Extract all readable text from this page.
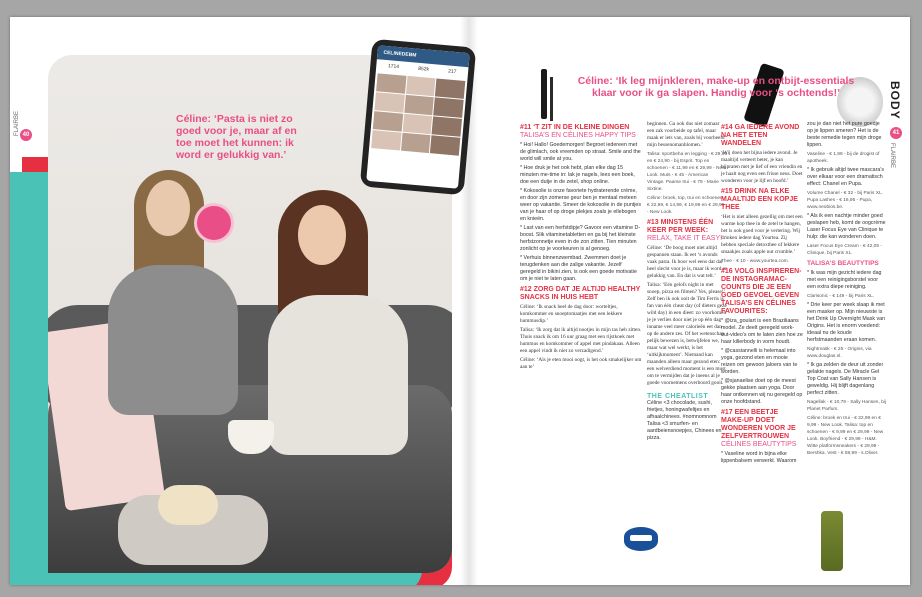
Céline: ‘Pasta is niet zo goed voor je, maar af en toe moet het kunnen: ik word er gelukkig van.’
CELINEDEBM
1714	852k	217
40
FLAIRBE
BODY
41
FLAIRBE
Céline: ‘Ik leg mijnkleren, make-up en ontbijt-essentials klaar voor ik ga slapen. Handig voor ‘s ochtends!’
#11 ‘T ZIT IN DE KLEINE DINGEN
TALISA’S EN CÉLINES HAPPY TIPS

* Hoi! Hallo! Goedemorgen! Begroet iedereen met de glimlach, ook vreemden op straat. Smile and the world will smile at you.

* Hoe druk je het ook hebt, plan elke dag 15 minuten me-time in: lak je nagels, lees een boek, doe een dutje in de zetel, shop online.

* Kokosolie is onze favoriete hydraterende crème, en door zijn zomerse geur ben je mentaal meteen weer op vakantie. Smeer de kokosolie in de puntjes van je haar of op droge plekjes zoals je ellebogen en knieën.

* Last van een herfstdipje? Gavoor een vitamine D-boost. Slik vitaminetabletten en ga bij het kleinste herfstzonnetje even in de zon zitten. Tien minuten zonlicht op je voorkeuren is al genoeg.

* Verhuis binnenzwembad. Zwemmen doet je terugdenken aan die zalige vakantie. Jezelf geregeld in bikini zien, is ook een goede motivatie om je niet te laten gaan.

#12 ZORG DAT JE ALTIJD HEALTHY SNACKS IN HUIS HEBT

Céline: ‘Ik snack heel de dag door: worteltjes, komkommer en snoeptomaatjes met een lekkere hummusdip.’

Talisa: ‘Ik zorg dat ik altijd nootjes in mijn tas heb zitten. Thuis snack ik om 16 uur graag met een rijstkoek met hummus en komkommer of appel met pindakaas. Alleen een appel vindt ik niet zo verzadigend.’

Céline: ‘Als je eten mooi oogt, is het ook smakelijker om aan te’

beginnen. Ga ook dus niet zomaar een zak voorbeide op tafel, maar maak er iets van, zoals bij voorbeeld mijn bessenomanblomen.’

Talisa: sportbeha en legging - € 29,99 en € 24,90 - bij Esprit. Top en schoenen - € 11,99 en € 29,99 - New Look. Muts - € 45 - American Vintage. Paarse trui - € 79 - Marie Sixtine.

Céline: broek, top, trui en schoenen - € 22,99, € 14,99, € 19,99 en € 29,99 - New Look.

#13 MINSTENS ÉÉN KEER PER WEEK: RELAX, TAKE IT EASY!

Céline: ‘De boog moet niet altijd gespannen staan. Ik eet ‘s avonds vaak pasta. Ik hoor wel eens dat dat heel slecht voor je is, maar ik word er gelukkig van. En dat is wat telt.’

Talisa: ‘Eén gelofs night in met snoep, pizza en filmen? Yes, please!’ Zelf ben ik ook ooit de Tim Ferris is fan van één cheat day (of dieters geze wild day) in een dieet: zo voorkomen je je verlies door niet je op één dag inname veel meer calorieën eet dan op de andere zes. Of het wetenschap pelijk bewezen is, betwijfelen we, maar wat wel werkt, is het ‘uitkijkmoment’. Niemand kan maanden alleen maar gezond eten: een welverdiend moment is een must om te vermijden dat je ineens al je goede voornemens overboord gooit.

THE CHEATLIST

Céline <3 chocolade, sushi, frietjes, honingwafeltjes en afhaalchinees. #nomnomnom Talisa <3 smurfen- en aardbeiensnoepjes, Chinees en pizza.

#14 GA IEDERE AVOND NA HET ETEN WANDELEN

‘Wij doen het bijna iedere avond. Je maaltijd verteert beter, je kan bijpraten met je lief of een vriendin en je haalt nog even een frisse neus. Doet wonderen voor je lijf en hoofd.’

#15 DRINK NA ELKE MAALTIJD EEN KOPJE THEE

‘Het is niet alleen gezellig om met een warme kop thee in de zetel te hangen, het is ook goed voor je vertering. Wij drinken iedere dag Yourtea. Zij hebben speciale detoxthee of lekkere smaakjes zoals apple nut crumble.’

Thee - € 10 - www.yourtea.com.

#16 VOLG INSPIREREN-DE INSTAGRAMAC-COUNTS DIE JE EEN GOED GEVOEL GEVEN
TALISA’S EN CÉLINES FAVOURITES:

* @iza_goulart is een Braziliaans model. Ze deelt geregeld work-out-video’s om te laten zien hoe ze haar killerbody in vorm houdt.

* @cassiannelli is helemaal into yoga, gezond eten en mooie reizen om gewoon jaloers van te worden.

* @sjanaelise doet op de meest gekke plaatsen aan yoga. Door haar ontkennen wij nu geregeld op onze hoofdstand.

#17 EEN BEETJE MAKE-UP DOET WONDEREN VOOR JE ZELFVERTROUWEN
CÉLINES BEAUTYTIPS

* Vaseline word in bijna elke lippenbalsem verwerkt. Waarom

zou je dan niet het pure goedje op je lippen smeren? Het is de beste remedie tegen mijn droge lippen.

Vaseline - € 1,98 - bij de drogist of apotheek.

* Ik gebruik altijd twee mascara’s over elkaar voor een dramatisch effect: Chanel en Pupa.

Volume Chanel - € 32 - bij Paris XL. Pupa Lashes - € 16,95 - Pupa, www.neobios.be.

* Als ik een nachtje minder goed geslapen heb, komt de oogcrème Laser Focus Eye van Clinique te hulp: die kan wonderen doen.

Laser Focus Eye Cream - € 42,05 - Clinique, bij Paris XL.

TALISA’S BEAUTYTIPS

* Ik was mijn gezicht iedere dag met een reinigingsborstel voor een extra diepe reiniging.

Clarisonic - € 149 - bij Paris XL.

* Drie keer per week slaap ik met een masker op. Mijn nieuwste is het Drink Up Overnight Mask van Origins. Het is enorm voedend: ideaal nu de koude herfstmaanden eraan komen.

Nightmask - € 25 - Origins, via www.douglas.nl.

* Ik ga zelden de deur uit zonder gelakte nagels. De Miracle Gel Top Coat van Sally Hansen is geweldig. Hij blijft dagenlang perfect zitten.

Nagellak - € 10,79 - Sally Hansen, bij Planet Parfum.

Céline: broek en trui - € 22,99 en € 9,99 - New Look. Talisa: top en schoenen - € 9,99 en € 29,99 - New Look. Boyfriend - € 29,99 - H&M. Witte platformsneakers - € 29,99 - Bershka. Vest - € 59,99 - s.Oliver.
